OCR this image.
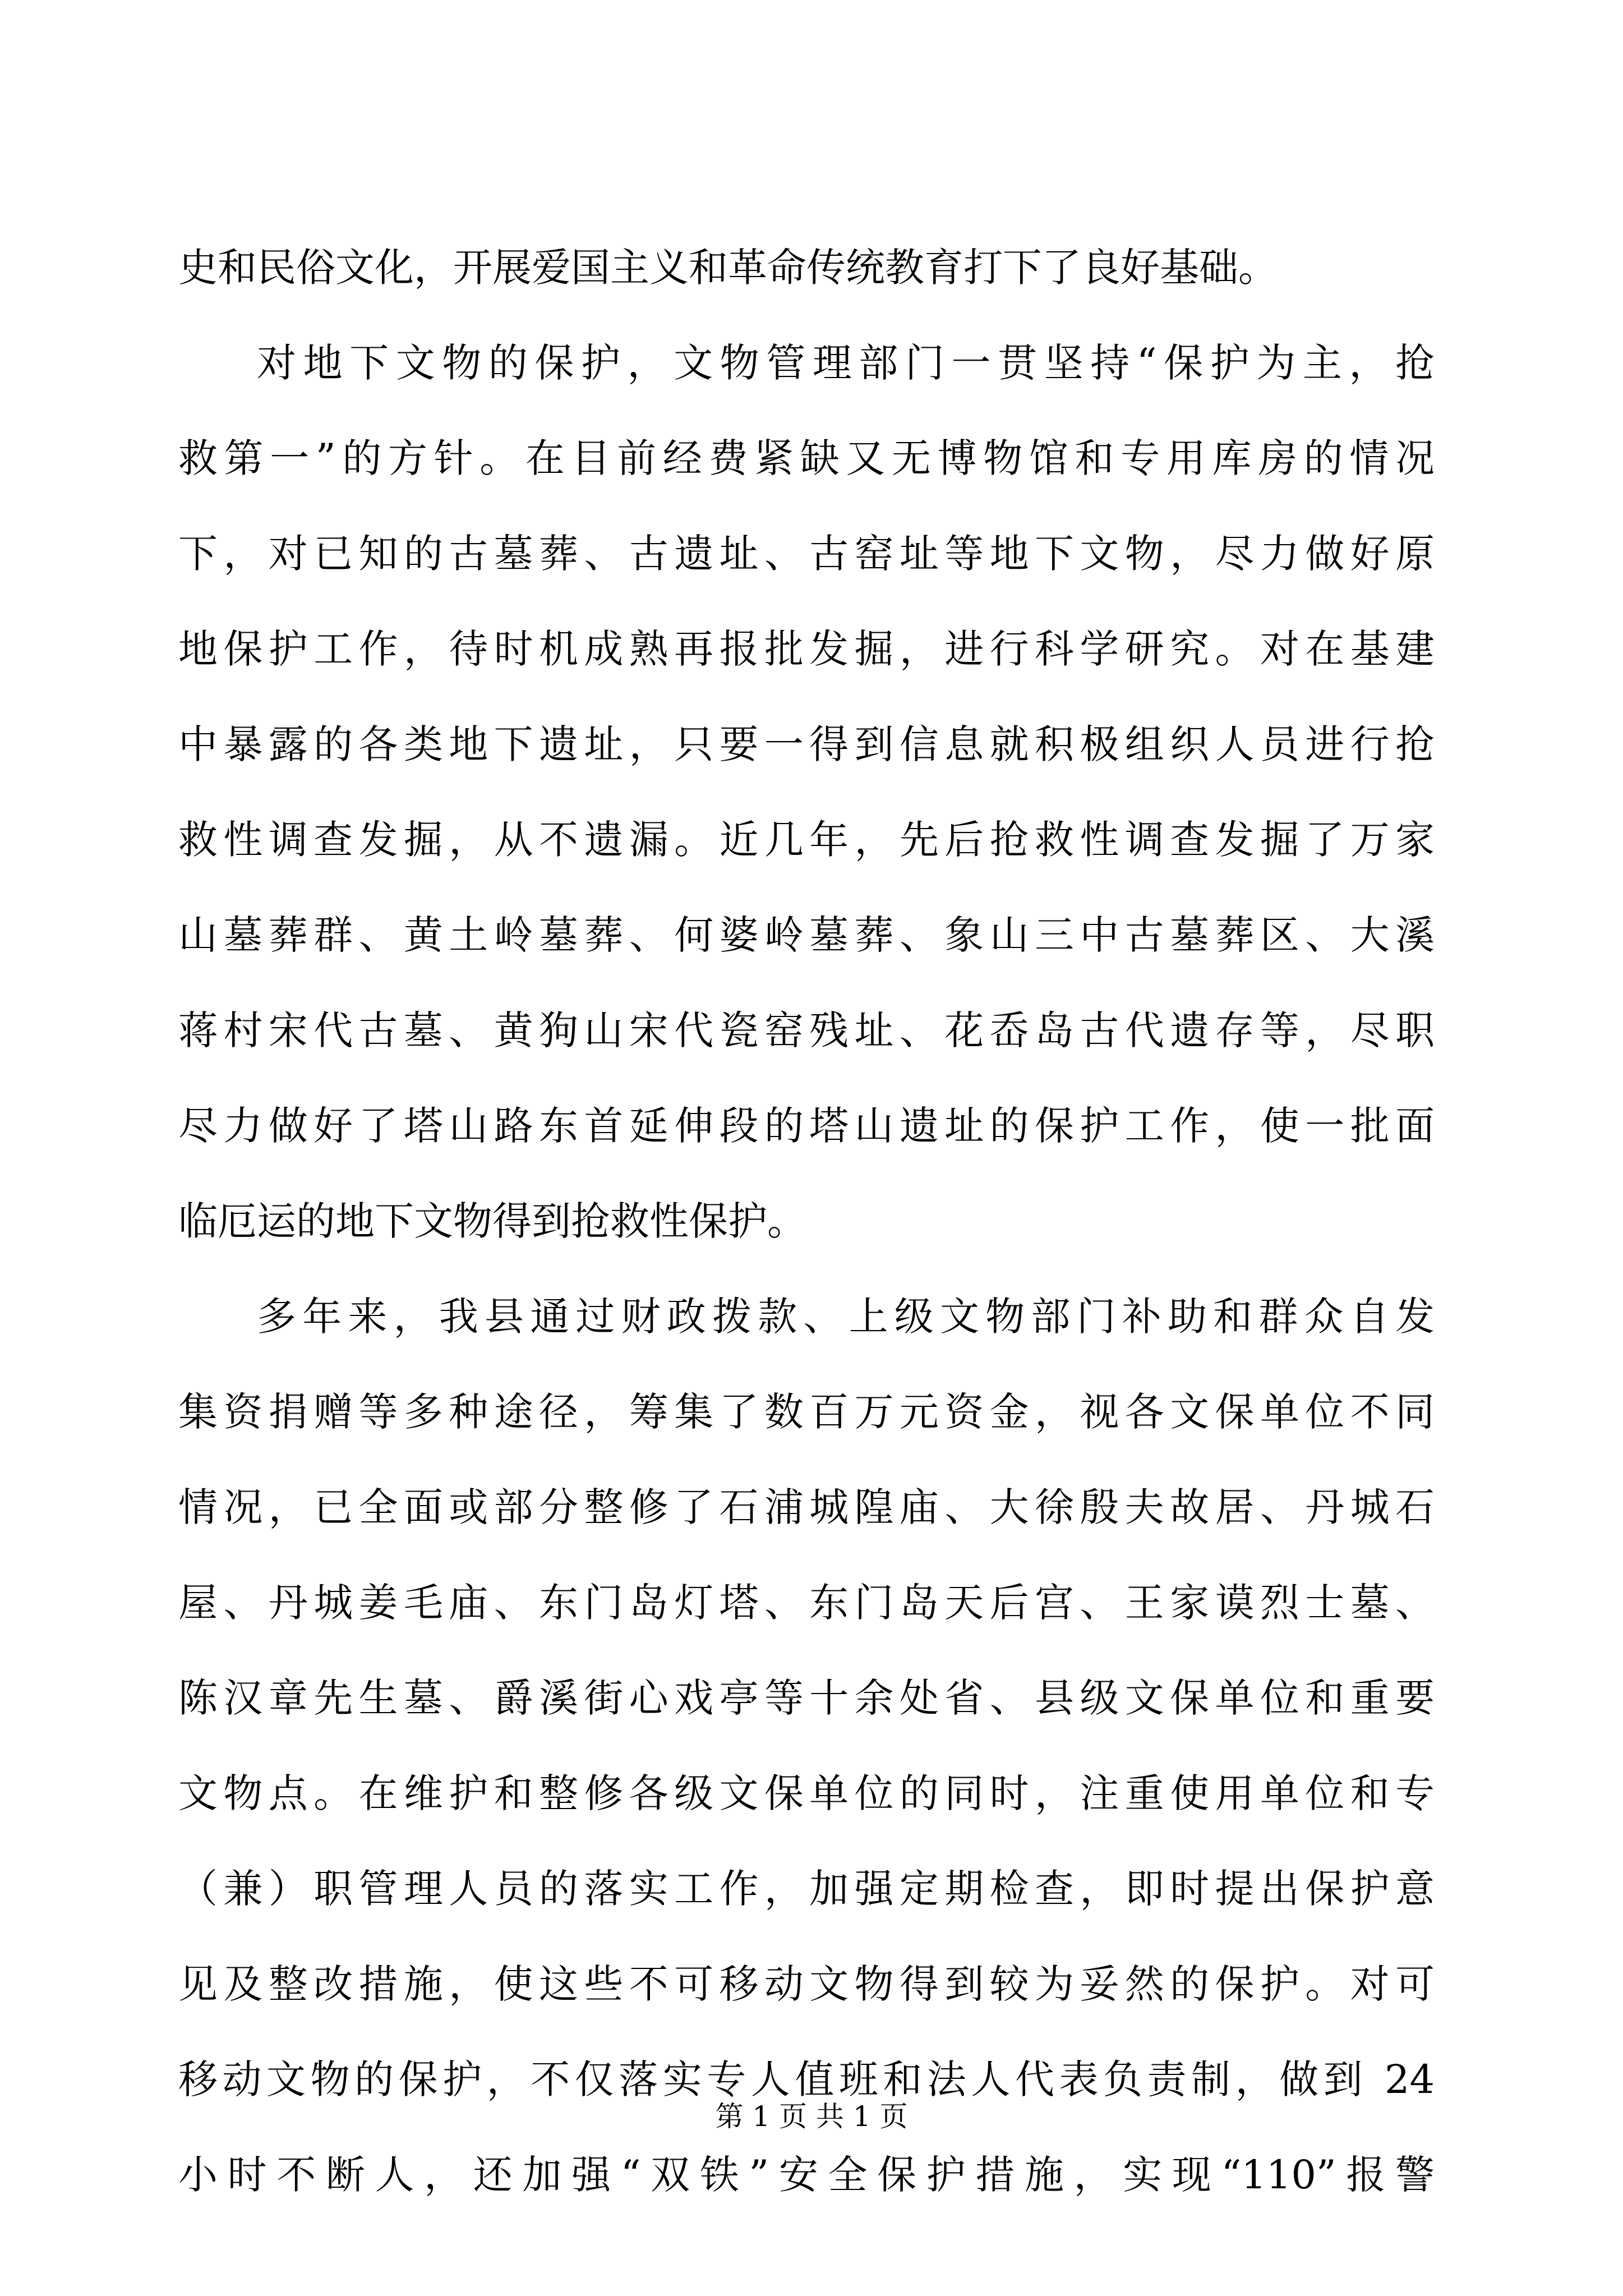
史和民俗文化，开展爱国主义和革命传统教育打下了良好基础。
对地下文物的保护，文物管理部门一贯坚持“保护为主，抢
救第一”的方针。在目前经费紧缺又无博物馆和专用库房的情况
下，对已知的古墓葬、古遗址、古窑址等地下文物，尽力做好原
地保护工作，待时机成熟再报批发掘，进行科学研究。对在基建
中暴露的各类地下遗址，只要一得到信息就积极组织人员进行抢
救性调查发掘，从不遗漏。近几年，先后抢救性调查发掘了万家
山墓葬群、黄土岭墓葬、何婆岭墓葬、象山三中古墓葬区、大溪
蒋村宋代古墓、黄狗山宋代瓷窑残址、花岙岛古代遗存等，尽职
尽力做好了塔山路东首延伸段的塔山遗址的保护工作，使一批面
临厄运的地下文物得到抢救性保护。
多年来，我县通过财政拨款、上级文物部门补助和群众自发
集资捐赠等多种途径，筹集了数百万元资金，视各文保单位不同
情况，已全面或部分整修了石浦城隍庙、大徐殷夫故居、丹城石
屋、丹城姜毛庙、东门岛灯塔、东门岛天后宫、王家谟烈士墓、
陈汉章先生墓、爵溪街心戏亭等十余处省、县级文保单位和重要
文物点。在维护和整修各级文保单位的同时，注重使用单位和专
（兼）职管理人员的落实工作，加强定期检查，即时提出保护意
见及整改措施，使这些不可移动文物得到较为妥然的保护。对可
移动文物的保护，不仅落实专人值班和法人代表负责制，做到 24
小时不断人，还加强“双铁”安全保护措施，实现“110”报警
第 1 页 共 1 页
